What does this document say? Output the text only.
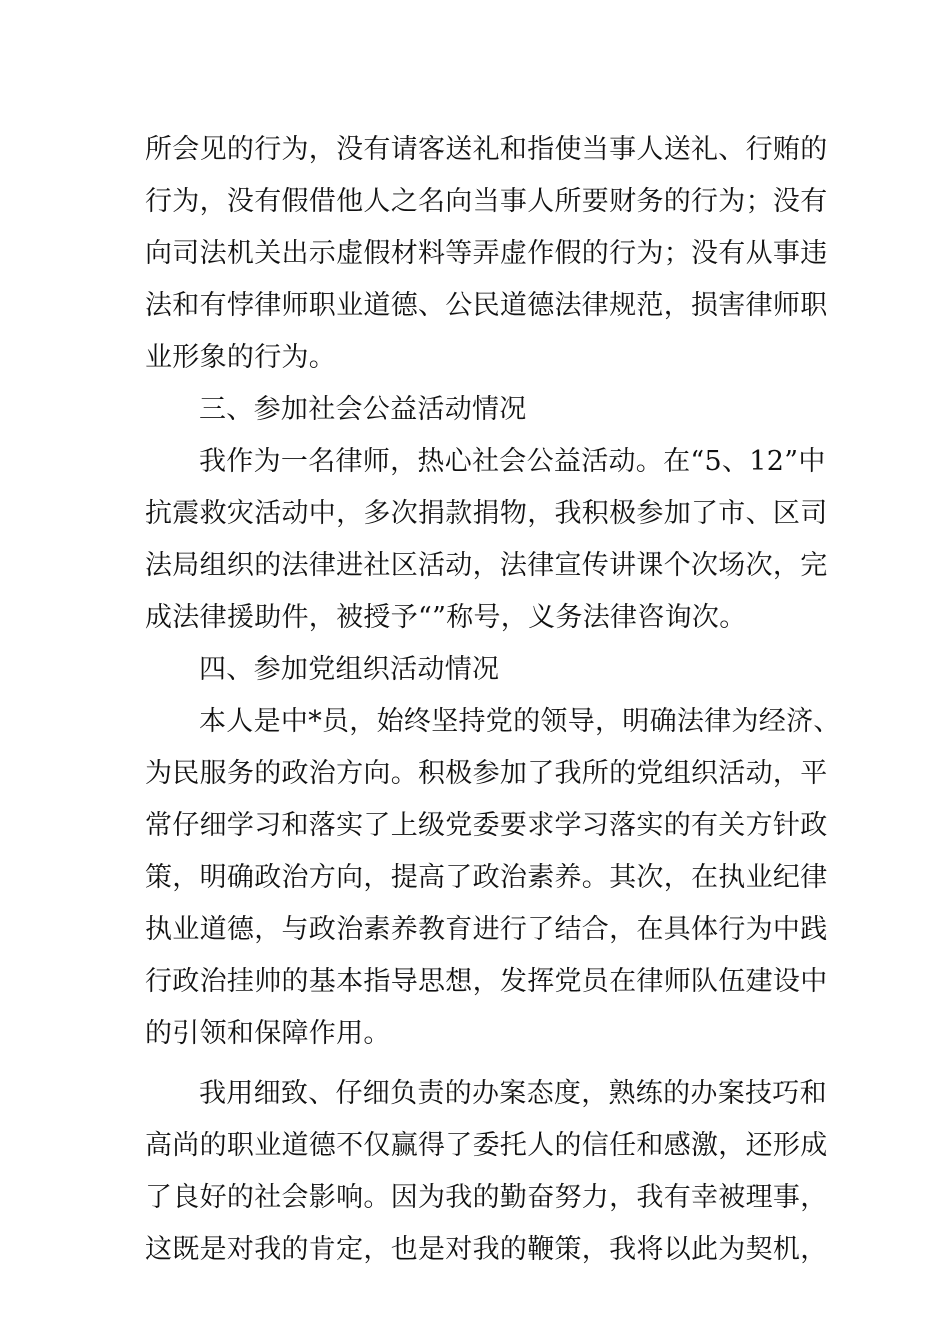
所会见的行为，没有请客送礼和指使当事人送礼、行贿的
行为，没有假借他人之名向当事人所要财务的行为；没有
向司法机关出示虚假材料等弄虚作假的行为；没有从事违
法和有悖律师职业道德、公民道德法律规范，损害律师职
业形象的行为。
三、参加社会公益活动情况
我作为一名律师，热心社会公益活动。在“5、12”中
抗震救灾活动中，多次捐款捐物，我积极参加了市、区司
法局组织的法律进社区活动，法律宣传讲课个次场次，完
成法律援助件，被授予“”称号，义务法律咨询次。
四、参加党组织活动情况
本人是中*员，始终坚持党的领导，明确法律为经济、
为民服务的政治方向。积极参加了我所的党组织活动，平
常仔细学习和落实了上级党委要求学习落实的有关方针政
策，明确政治方向，提高了政治素养。其次，在执业纪律
执业道德，与政治素养教育进行了结合，在具体行为中践
行政治挂帅的基本指导思想，发挥党员在律师队伍建设中
的引领和保障作用。
我用细致、仔细负责的办案态度，熟练的办案技巧和
高尚的职业道德不仅赢得了委托人的信任和感激，还形成
了良好的社会影响。因为我的勤奋努力，我有幸被理事，
这既是对我的肯定，也是对我的鞭策，我将以此为契机，
